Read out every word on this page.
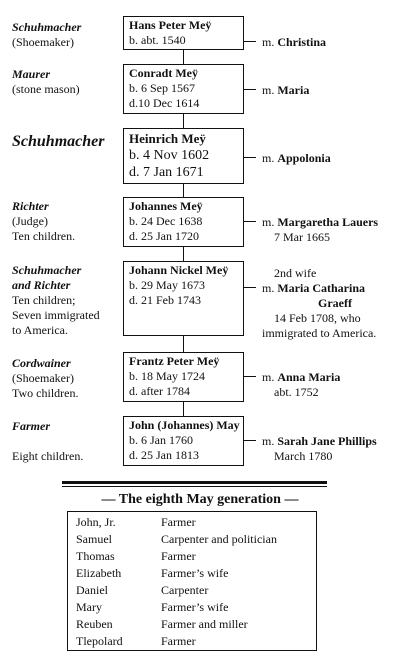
Schuhmacher
(Shoemaker)
Hans Peter Meÿ
b. abt. 1540	m. Christina
Maurer
(stone mason)
Conradt Meÿ
b. 6 Sep 1567
d.10 Dec 1614
m. Maria
Schuhmacher Heinrich Meÿ
b. 4 Nov 1602
d. 7 Jan 1671
m. Appolonia
Richter
(Judge)
Ten children.
Johannes Meÿ
b. 24 Dec 1638
d. 25 Jan 1720
m. Margaretha Lauers
7 Mar 1665
Schuhmacher
and Richter
Ten children;
Seven immigrated
to America.
Johann Nickel Meÿ
b. 29 May 1673
d. 21 Feb 1743
2nd wife
m. Maria Catharina
Graeff
14 Feb 1708, who
immigrated to America.
Cordwainer
(Shoemaker)
Two children.
Frantz Peter Meÿ
b. 18 May 1724
d. after 1784
m. Anna Maria
abt. 1752
Farmer
Eight children.
John (Johannes) May
b. 6 Jan 1760
d. 25 Jan 1813
m. Sarah Jane Phillips
March 1780
— The eighth May generation —
John, Jr.	Farmer
Samuel	Carpenter and politician
Thomas	Farmer
Elizabeth	Farmer’s wife
Daniel	Carpenter
Mary	Farmer’s wife
Reuben	Farmer and miller
Tlepolard	Farmer
